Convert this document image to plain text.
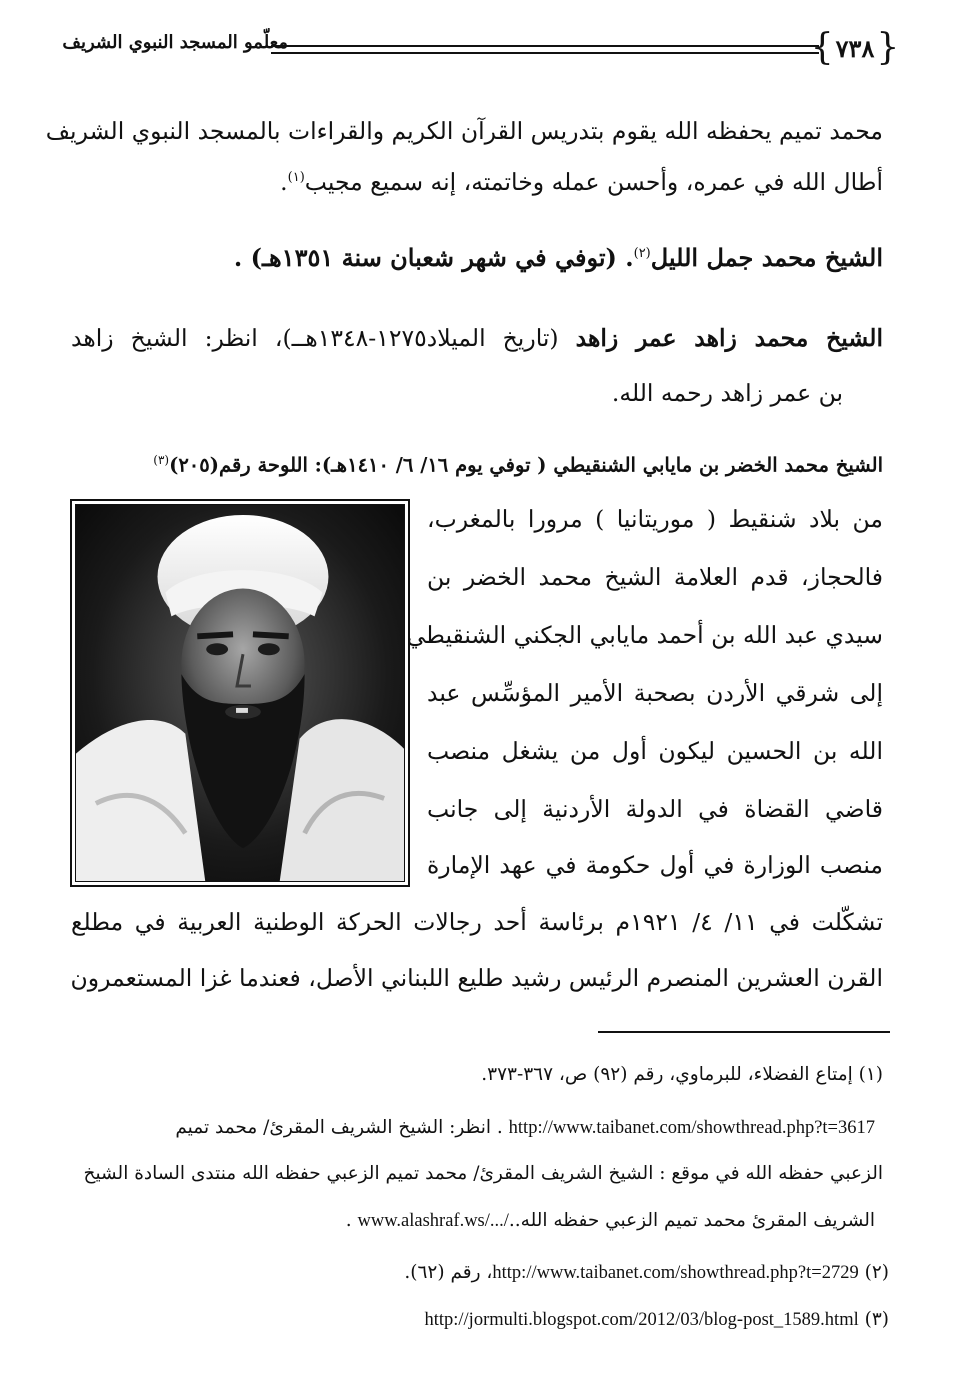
{ ٧٣٨
}
معلّمو المسجد النبوي الشريف
محمد تميم يحفظه الله يقوم بتدريس القرآن الكريم والقراءات بالمسجد النبوي الشريف
أطال الله في عمره، وأحسن عمله وخاتمته، إنه سميع مجيب$^{(١)}$.
الشيخ محمد جمل الليل$^{(٢)}$. (توفي في شهر شعبان سنة ١٣٥١هـ) .
الشيخ محمد زاهد عمر زاهد (تاريخ الميلاد١٢٧٥-١٣٤٨هــ)، انظر: الشيخ زاهد
بن عمر زاهد رحمه الله.
الشيخ محمد الخضر بن مايابي الشنقيطي ( توفي يوم ١٦/ ٦/ ١٤١٠هـ): اللوحة رقم(٢٠٥)$^{(٣)}$
من بلاد شنقيط ( موريتانيا ) مرورا بالمغرب،
فالحجاز، قدم العلامة الشيخ محمد الخضر بن
سيدي عبد الله بن أحمد مايابي الجكني الشنقيطي
إلى شرقي الأردن بصحبة الأمير المؤسِّس عبد
الله بن الحسين ليكون أول من يشغل منصب
قاضي القضاة في الدولة الأردنية إلى جانب
منصب الوزارة في أول حكومة في عهد الإمارة
تشكّلت في ١١/ ٤/ ١٩٢١م برئاسة أحد رجالات الحركة الوطنية العربية في مطلع
القرن العشرين المنصرم الرئيس رشيد طليع اللبناني الأصل، فعندما غزا المستعمرون
(١) إمتاع الفضلاء، للبرماوي، رقم (٩٢) ص، ٣٦٧-٣٧٣.
http://www.taibanet.com/showthread.php?t=3617 . انظر: الشيخ الشريف المقرئ/ محمد تميم
الزعبي حفظه الله في موقع : الشيخ الشريف المقرئ/ محمد تميم الزعبي حفظه الله منتدى السادة الشيخ
الشريف المقرئ محمد تميم الزعبي حفظه الله..www.alashraf.ws/.../ .
(٢) http://www.taibanet.com/showthread.php?t=2729، رقم (٦٢).
(٣) http://jormulti.blogspot.com/2012/03/blog-post_1589.html
